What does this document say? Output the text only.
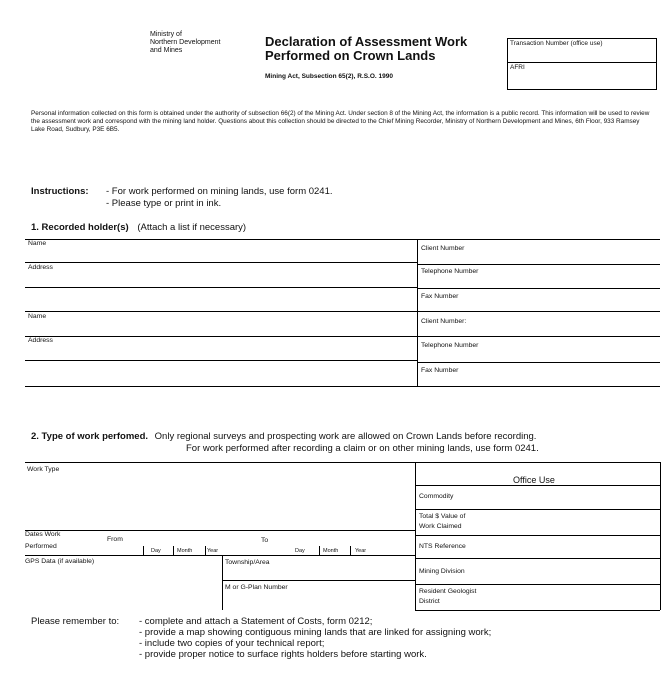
Ministry of
Northern Development
and Mines
Declaration of Assessment Work
Performed on Crown Lands
Mining Act, Subsection 65(2), R.S.O. 1990
Transaction Number (office use)
AFRI
Personal information collected on this form is obtained under the authority of subsection 66(2) of the Mining Act. Under section 8 of the Mining Act, the information is a public record. This information will be used to review the assessment work and correspond with the mining land holder. Questions about this collection should be directed to the Chief Mining Recorder, Ministry of Northern Development and Mines, 6th Floor, 933 Ramsey Lake Road, Sudbury, P3E 6B5.
Instructions: - For work performed on mining lands, use form 0241.
- Please type or print in ink.
1. Recorded holder(s) (Attach a list if necessary)
Name
Address
Client Number
Telephone Number
Fax Number
Name
Address
Client Number:
Telephone Number
Fax Number
2. Type of work perfomed. Only regional surveys and prospecting work are allowed on Crown Lands before recording.
For work performed after recording a claim or on other mining lands, use form 0241.
Work Type
Dates Work
Performed
From	To
Day	Month	Year	Day	Month	Year
GPS Data (if available)	Township/Area
M or G-Plan Number
Office Use
Commodity
Total $ Value of
Work Claimed
NTS Reference
Mining Division
Resident Geologist
District
Please remember to: - complete and attach a Statement of Costs, form 0212;
- provide a map showing contiguous mining lands that are linked for assigning work;
- include two copies of your technical report;
- provide proper notice to surface rights holders before starting work.
